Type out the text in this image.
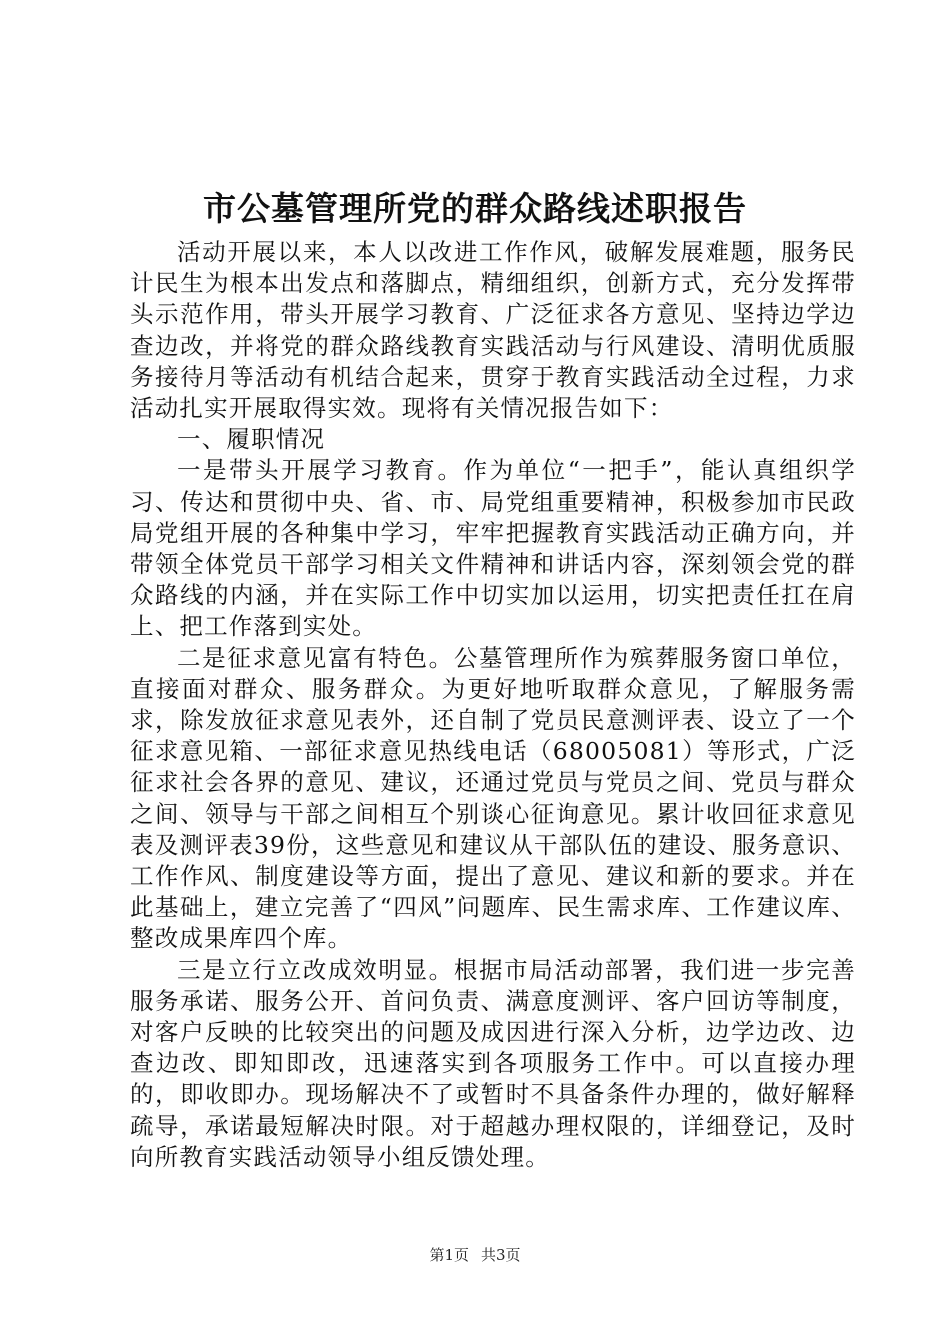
市公墓管理所党的群众路线述职报告

活动开展以来，本人以改进工作作风，破解发展难题，服务民计民生为根本出发点和落脚点，精细组织，创新方式，充分发挥带头示范作用，带头开展学习教育、广泛征求各方意见、坚持边学边查边改，并将党的群众路线教育实践活动与行风建设、清明优质服务接待月等活动有机结合起来，贯穿于教育实践活动全过程，力求活动扎实开展取得实效。现将有关情况报告如下：

一、履职情况

一是带头开展学习教育。作为单位“一把手”，能认真组织学习、传达和贯彻中央、省、市、局党组重要精神，积极参加市民政局党组开展的各种集中学习，牢牢把握教育实践活动正确方向，并带领全体党员干部学习相关文件精神和讲话内容，深刻领会党的群众路线的内涵，并在实际工作中切实加以运用，切实把责任扛在肩上、把工作落到实处。

二是征求意见富有特色。公墓管理所作为殡葬服务窗口单位，直接面对群众、服务群众。为更好地听取群众意见，了解服务需求，除发放征求意见表外，还自制了党员民意测评表、设立了一个征求意见箱、一部征求意见热线电话（68005081）等形式，广泛征求社会各界的意见、建议，还通过党员与党员之间、党员与群众之间、领导与干部之间相互个别谈心征询意见。累计收回征求意见表及测评表39份，这些意见和建议从干部队伍的建设、服务意识、工作作风、制度建设等方面，提出了意见、建议和新的要求。并在此基础上，建立完善了“四风”问题库、民生需求库、工作建议库、整改成果库四个库。

三是立行立改成效明显。根据市局活动部署，我们进一步完善服务承诺、服务公开、首问负责、满意度测评、客户回访等制度，对客户反映的比较突出的问题及成因进行深入分析，边学边改、边查边改、即知即改，迅速落实到各项服务工作中。可以直接办理的，即收即办。现场解决不了或暂时不具备条件办理的，做好解释疏导，承诺最短解决时限。对于超越办理权限的，详细登记，及时向所教育实践活动领导小组反馈处理。

第1页 共3页
